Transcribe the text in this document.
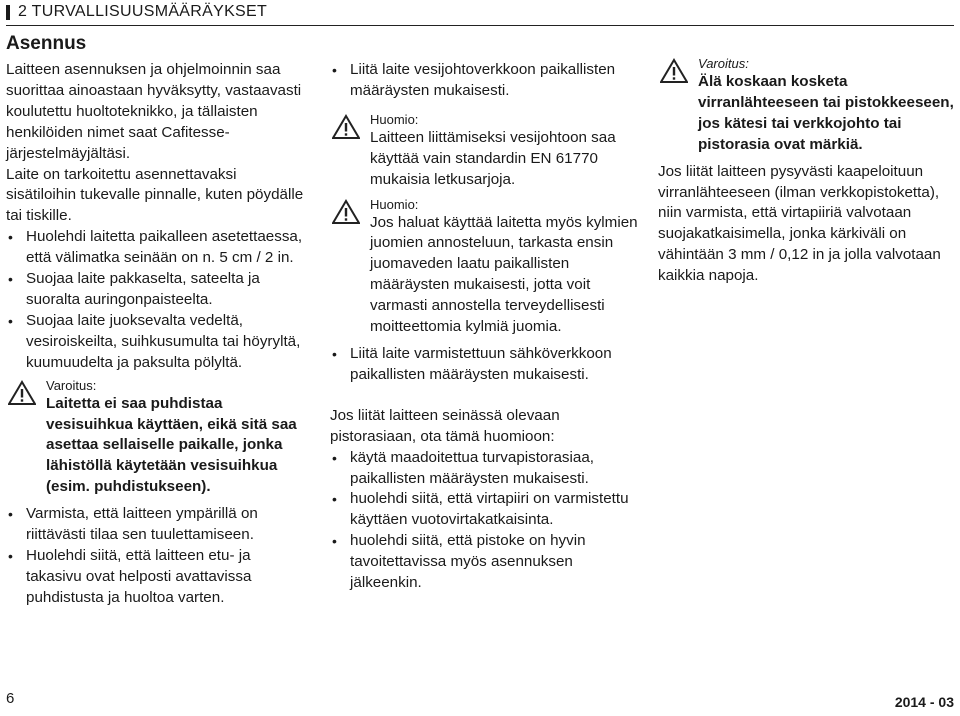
2 TURVALLISUUSMÄÄRÄYKSET
Asennus

Laitteen asennuksen ja ohjelmoinnin saa suorittaa ainoastaan hyväksytty, vastaavasti koulutettu huoltoteknikko, ja tällaisten henkilöiden nimet saat Cafitesse-järjestelmäyjältäsi.

Laite on tarkoitettu asennettavaksi sisätiloihin tukevalle pinnalle, kuten pöydälle tai tiskille.

• Huolehdi laitetta paikalleen asetettaessa, että välimatka seinään on n. 5 cm / 2 in.
• Suojaa laite pakkaselta, sateelta ja suoralta auringonpaisteelta.
• Suojaa laite juoksevalta vedeltä, vesiroiskeilta, suihkusumulta tai höyryltä, kuumuudelta ja paksulta pölyltä.
Varoitus:
Laitetta ei saa puhdistaa vesisuihkua käyttäen, eikä sitä saa asettaa sellaiselle paikalle, jonka lähistöllä käytetään vesisuihkua (esim. puhdistukseen).
• Varmista, että laitteen ympärillä on riittävästi tilaa sen tuulettamiseen.
• Huolehdi siitä, että laitteen etu- ja takasivu ovat helposti avattavissa puhdistusta ja huoltoa varten.
• Liitä laite vesijohtoverkkoon paikallisten määräysten mukaisesti.
Huomio:
Laitteen liittämiseksi vesijohtoon saa käyttää vain standardin EN 61770 mukaisia letkusarjoja.
Huomio:
Jos haluat käyttää laitetta myös kylmien juomien annosteluun, tarkasta ensin juomaveden laatu paikallisten määräysten mukaisesti, jotta voit varmasti annostella terveydellisesti moitteettomia kylmiä juomia.
• Liitä laite varmistettuun sähköverkkoon paikallisten määräysten mukaisesti.

Jos liität laitteen seinässä olevaan pistorasiaan, ota tämä huomioon:

• käytä maadoitettua turvapistorasiaa, paikallisten määräysten mukaisesti.
• huolehdi siitä, että virtapiiri on varmistettu käyttäen vuotovirtakatkaisinta.
• huolehdi siitä, että pistoke on hyvin tavoitettavissa myös asennuksen jälkeenkin.
Varoitus:
Älä koskaan kosketa virranlähteeseen tai pistokkeeseen, jos kätesi tai verkkojohto tai pistorasia ovat märkiä.

Jos liität laitteen pysyvästi kaapeloituun virranlähteeseen (ilman verkkopistoketta), niin varmista, että virtapiiriä valvotaan suojakatkaisimella, jonka kärkiväli on vähintään 3 mm / 0,12 in ja jolla valvotaan kaikkia napoja.

6	2014 - 03
